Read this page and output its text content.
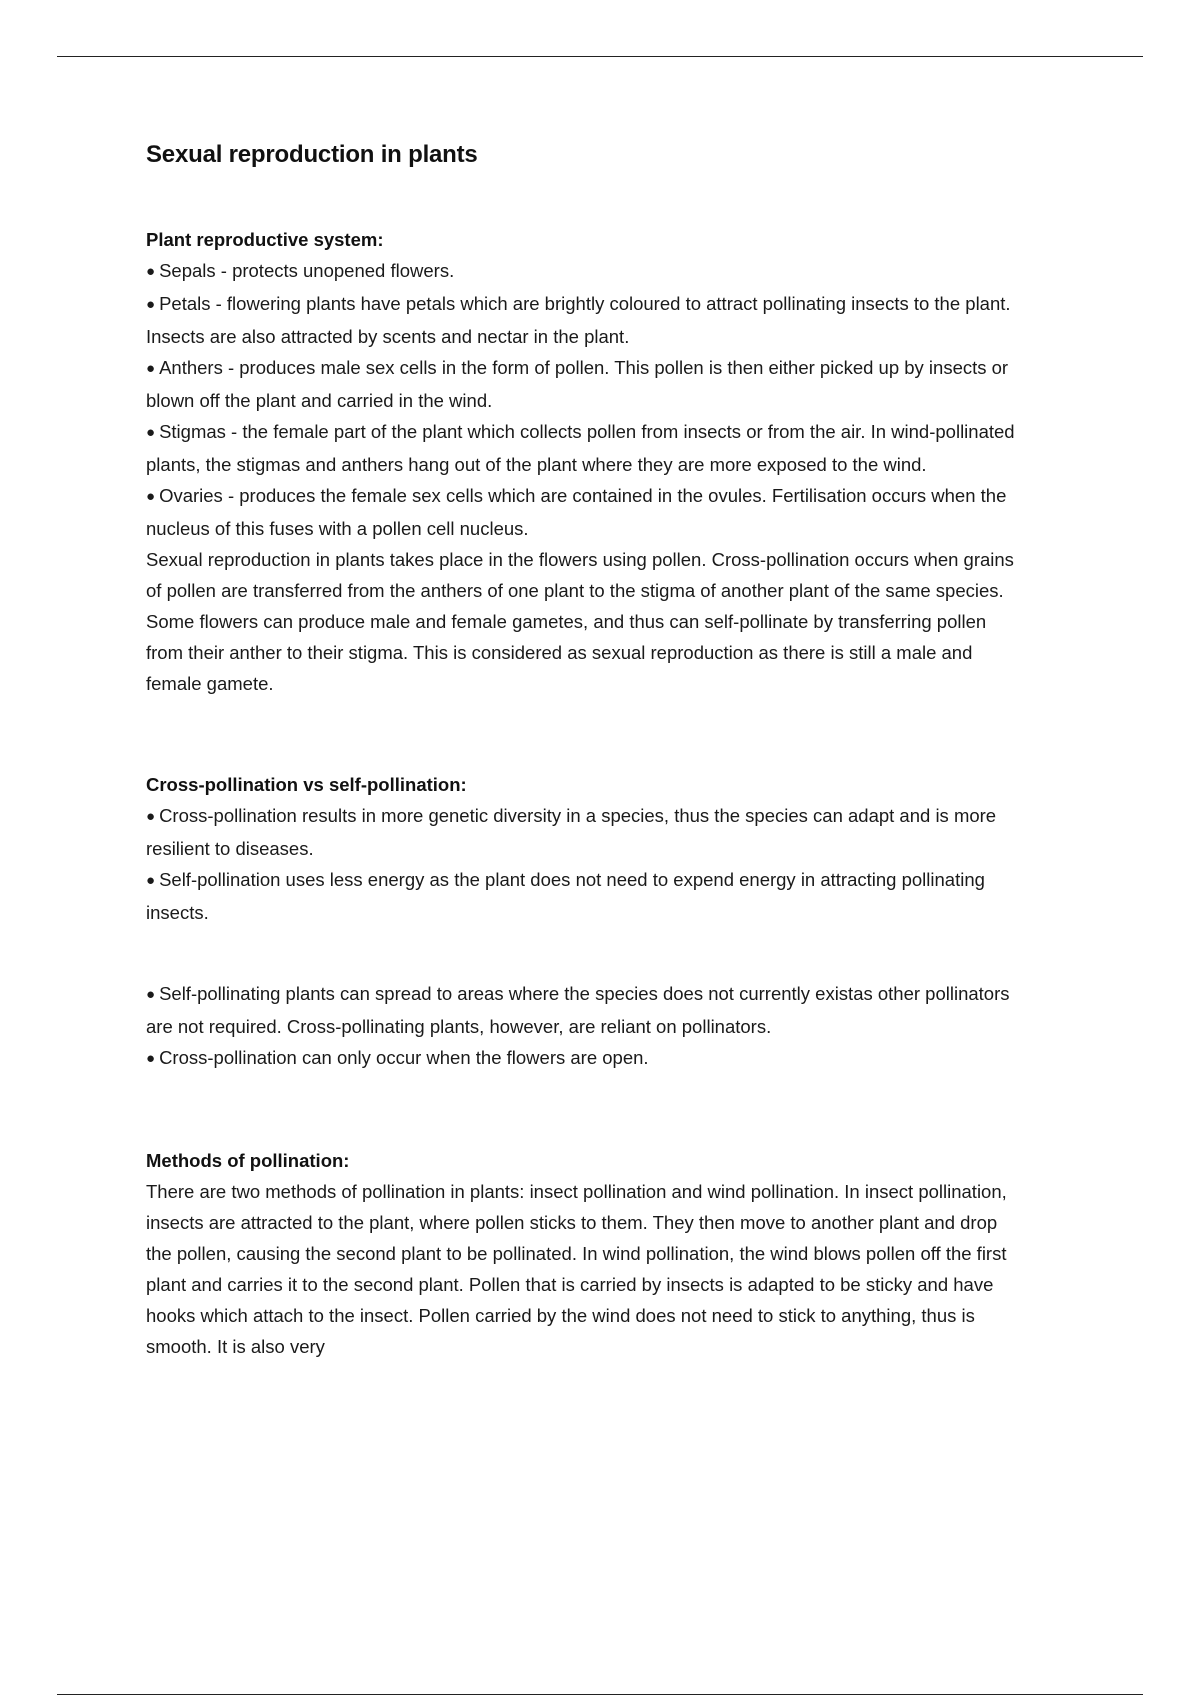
Sexual reproduction in plants

Plant reproductive system:

● Sepals - protects unopened flowers.

● Petals - flowering plants have petals which are brightly coloured to attract pollinating insects to the plant. Insects are also attracted by scents and nectar in the plant.

● Anthers - produces male sex cells in the form of pollen. This pollen is then either picked up by insects or blown off the plant and carried in the wind.

● Stigmas - the female part of the plant which collects pollen from insects or from the air. In wind-pollinated plants, the stigmas and anthers hang out of the plant where they are more exposed to the wind.

● Ovaries - produces the female sex cells which are contained in the ovules. Fertilisation occurs when the nucleus of this fuses with a pollen cell nucleus.

Sexual reproduction in plants takes place in the flowers using pollen. Cross-pollination occurs when grains of pollen are transferred from the anthers of one plant to the stigma of another plant of the same species. Some flowers can produce male and female gametes, and thus can self-pollinate by transferring pollen from their anther to their stigma. This is considered as sexual reproduction as there is still a male and female gamete.

Cross-pollination vs self-pollination:

● Cross-pollination results in more genetic diversity in a species, thus the species can adapt and is more resilient to diseases.

● Self-pollination uses less energy as the plant does not need to expend energy in attracting pollinating insects.

● Self-pollinating plants can spread to areas where the species does not currently existas other pollinators are not required. Cross-pollinating plants, however, are reliant on pollinators.

● Cross-pollination can only occur when the flowers are open.

Methods of pollination:

There are two methods of pollination in plants: insect pollination and wind pollination. In insect pollination, insects are attracted to the plant, where pollen sticks to them. They then move to another plant and drop the pollen, causing the second plant to be pollinated. In wind pollination, the wind blows pollen off the first plant and carries it to the second plant. Pollen that is carried by insects is adapted to be sticky and have hooks which attach to the insect. Pollen carried by the wind does not need to stick to anything, thus is smooth. It is also very
